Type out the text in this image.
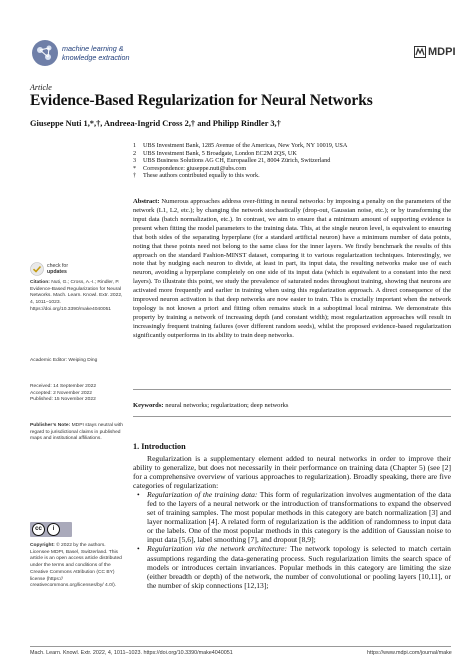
machine learning &
knowledge extraction	MDPI
Article
Evidence-Based Regularization for Neural Networks
Giuseppe Nuti 1,*,†, Andreea-Ingrid Cross 2,† and Philipp Rindler 3,†
1	UBS Investment Bank, 1285 Avenue of the Americas, New York, NY 10019, USA
2	UBS Investment Bank, 5 Broadgate, London EC2M 2QS, UK
3	UBS Business Solutions AG CH, Europaallee 21, 8004 Zürich, Switzerland
*	Correspondence: giuseppe.nuti@ubs.com
†	These authors contributed equally to this work.
Abstract: Numerous approaches address over-fitting in neural networks: by imposing a penalty on the parameters of the network (L1, L2, etc.); by changing the network stochastically (drop-out, Gaussian noise, etc.); or by transforming the input data (batch normalization, etc.). In contrast, we aim to ensure that a minimum amount of supporting evidence is present when fitting the model parameters to the training data. This, at the single neuron level, is equivalent to ensuring that both sides of the separating hyperplane (for a standard artificial neuron) have a minimum number of data points, noting that these points need not belong to the same class for the inner layers. We firstly benchmark the results of this approach on the standard Fashion-MINST dataset, comparing it to various regularization techniques. Interestingly, we note that by nudging each neuron to divide, at least in part, its input data, the resulting networks make use of each neuron, avoiding a hyperplane completely on one side of its input data (which is equivalent to a constant into the next layers). To illustrate this point, we study the prevalence of saturated nodes throughout training, showing that neurons are activated more frequently and earlier in training when using this regularization approach. A direct consequence of the improved neuron activation is that deep networks are now easier to train. This is crucially important when the network topology is not known a priori and fitting often remains stuck in a suboptimal local minima. We demonstrate this property by training a network of increasing depth (and constant width); most regularization approaches will result in increasingly frequent training failures (over different random seeds), whilst the proposed evidence-based regularization significantly outperforms in its ability to train deep networks.
Keywords: neural networks; regularization; deep networks
check for
updates
Citation: Nuti, G.; Cross, A.-I.; Rindler, P. Evidence-Based Regularization for Neural Networks. Mach. Learn. Knowl. Extr. 2022, 4, 1011–1023. https://doi.org/10.3390/make4040051
Academic Editor: Weiping Ding
Received: 14 September 2022
Accepted: 2 November 2022
Published: 15 November 2022
Publisher’s Note: MDPI stays neutral with regard to jurisdictional claims in published maps and institutional affiliations.
cc	i
Copyright: © 2022 by the authors. Licensee MDPI, Basel, Switzerland. This article is an open access article distributed under the terms and conditions of the Creative Commons Attribution (CC BY) license (https:// creativecommons.org/licenses/by/ 4.0/).
1. Introduction
Regularization is a supplementary element added to neural networks in order to improve their ability to generalize, but does not necessarily in their performance on training data (Chapter 5) (see [2] for a comprehensive overview of various approaches to regularization). Broadly speaking, there are five categories of regularization:
• Regularization of the training data: This form of regularization involves augmentation of the data fed to the layers of a neural network or the introduction of transformations to expand the observed set of training samples. The most popular methods in this category are batch normalization [3] and layer normalization [4]. A related form of regularization is the addition of randomness to input data or the labels. One of the most popular methods in this category is the addition of Gaussian noise to input data [5,6], label smoothing [7], and dropout [8,9];
• Regularization via the network architecture: The network topology is selected to match certain assumptions regarding the data-generating process. Such regularization limits the search space of models or introduces certain invariances. Popular methods in this category are limiting the size (either breadth or depth) of the network, the number of convolutional or pooling layers [10,11], or the number of skip connections [12,13];
Mach. Learn. Knowl. Extr. 2022, 4, 1011–1023. https://doi.org/10.3390/make4040051	https://www.mdpi.com/journal/make
